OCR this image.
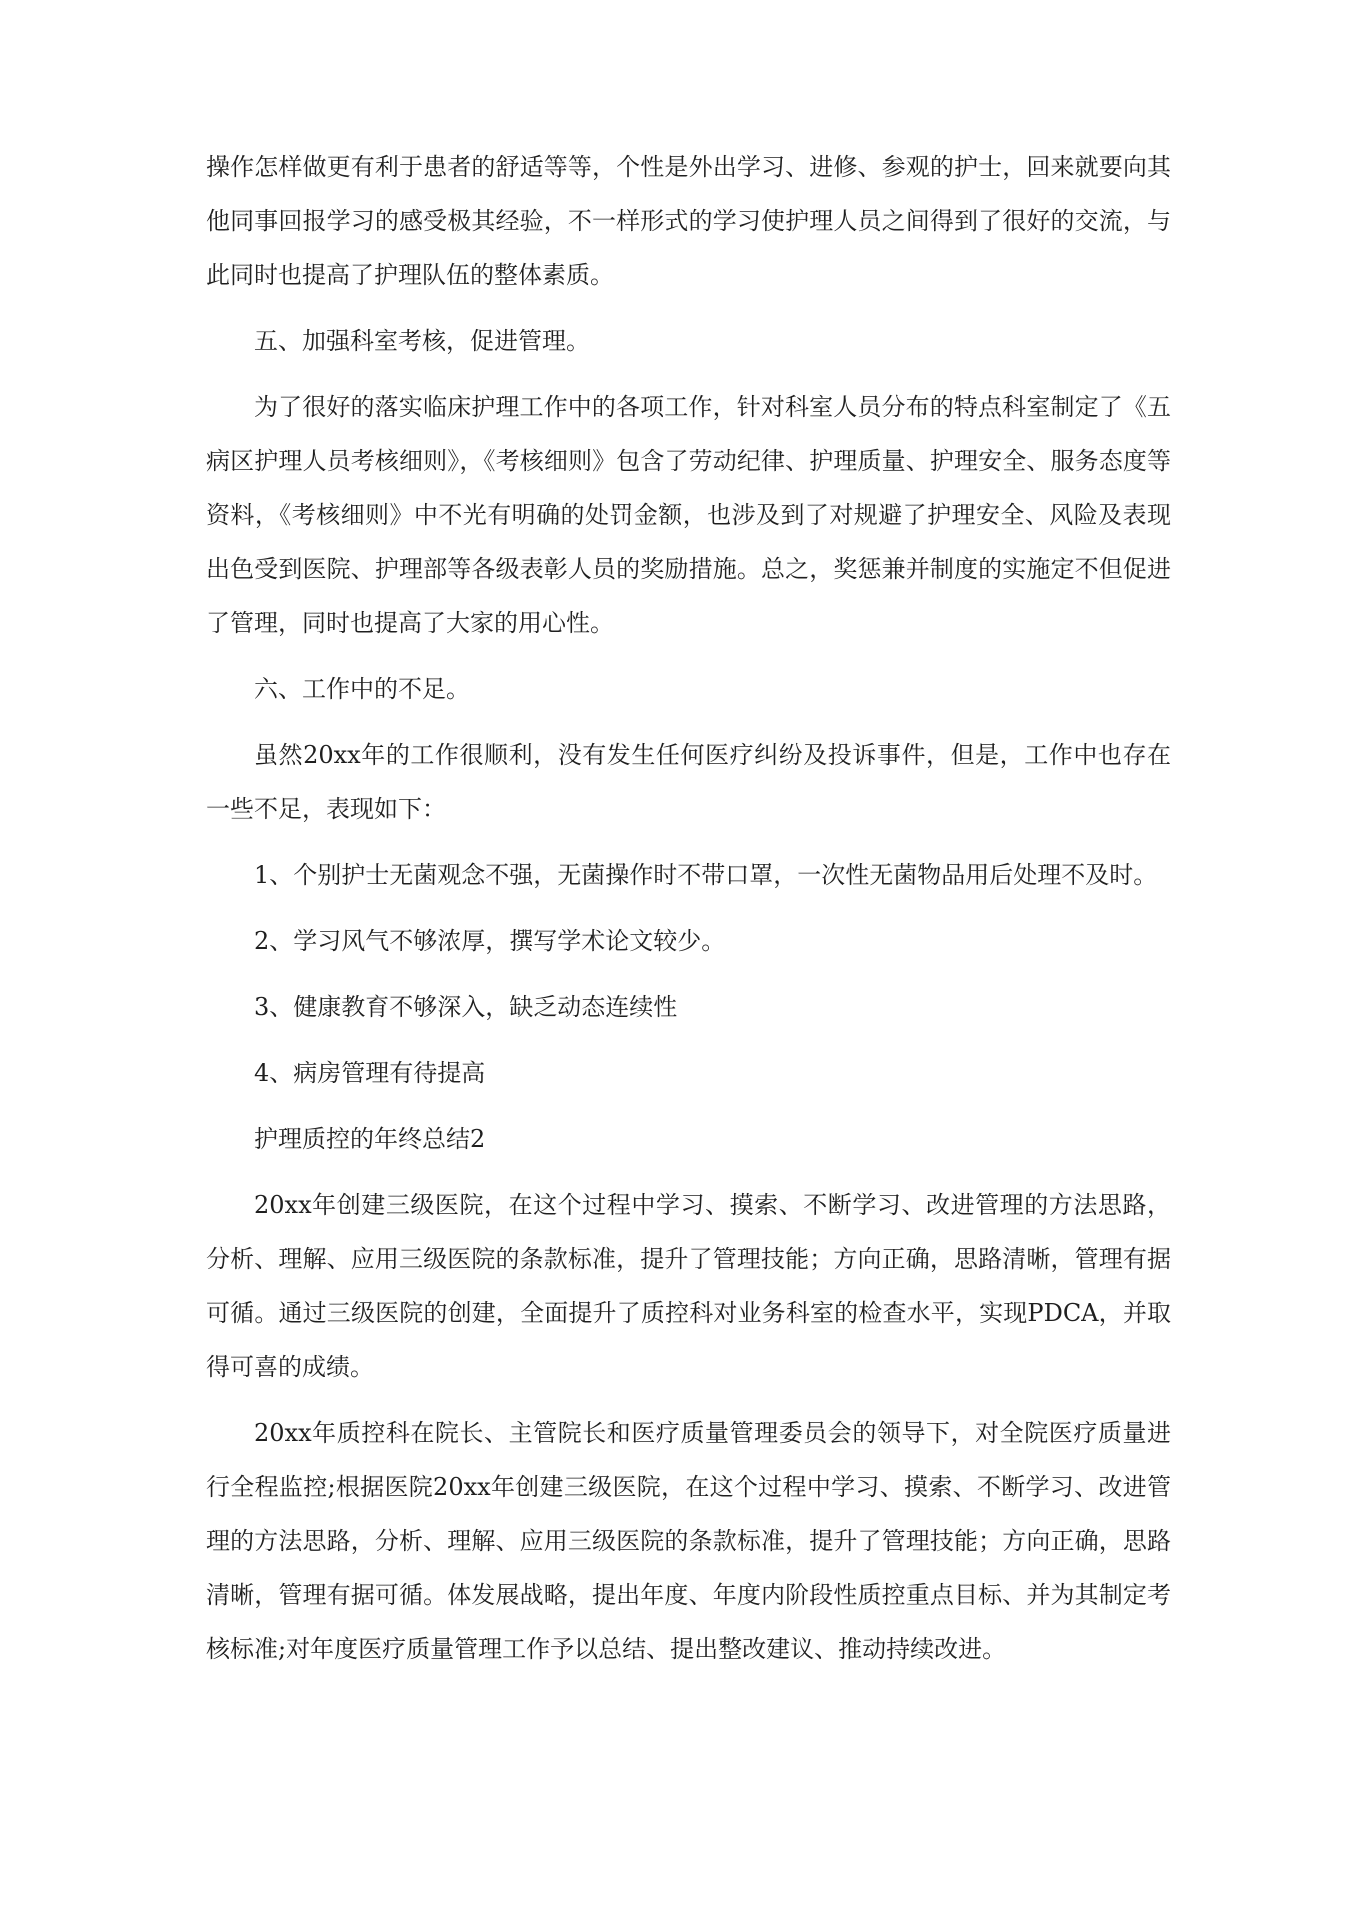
操作怎样做更有利于患者的舒适等等，个性是外出学习、进修、参观的护士，回来就要向其他同事回报学习的感受极其经验，不一样形式的学习使护理人员之间得到了很好的交流，与此同时也提高了护理队伍的整体素质。

五、加强科室考核，促进管理。

为了很好的落实临床护理工作中的各项工作，针对科室人员分布的特点科室制定了《五病区护理人员考核细则》，《考核细则》包含了劳动纪律、护理质量、护理安全、服务态度等资料，《考核细则》中不光有明确的处罚金额，也涉及到了对规避了护理安全、风险及表现出色受到医院、护理部等各级表彰人员的奖励措施。总之，奖惩兼并制度的实施定不但促进了管理，同时也提高了大家的用心性。

六、工作中的不足。

虽然20xx年的工作很顺利，没有发生任何医疗纠纷及投诉事件，但是，工作中也存在一些不足，表现如下：

1、个别护士无菌观念不强，无菌操作时不带口罩，一次性无菌物品用后处理不及时。

2、学习风气不够浓厚，撰写学术论文较少。

3、健康教育不够深入，缺乏动态连续性

4、病房管理有待提高

护理质控的年终总结2

20xx年创建三级医院，在这个过程中学习、摸索、不断学习、改进管理的方法思路，分析、理解、应用三级医院的条款标准，提升了管理技能；方向正确，思路清晰，管理有据可循。通过三级医院的创建，全面提升了质控科对业务科室的检查水平，实现PDCA，并取得可喜的成绩。

20xx年质控科在院长、主管院长和医疗质量管理委员会的领导下，对全院医疗质量进行全程监控;根据医院20xx年创建三级医院，在这个过程中学习、摸索、不断学习、改进管理的方法思路，分析、理解、应用三级医院的条款标准，提升了管理技能；方向正确，思路清晰，管理有据可循。体发展战略，提出年度、年度内阶段性质控重点目标、并为其制定考核标准;对年度医疗质量管理工作予以总结、提出整改建议、推动持续改进。
